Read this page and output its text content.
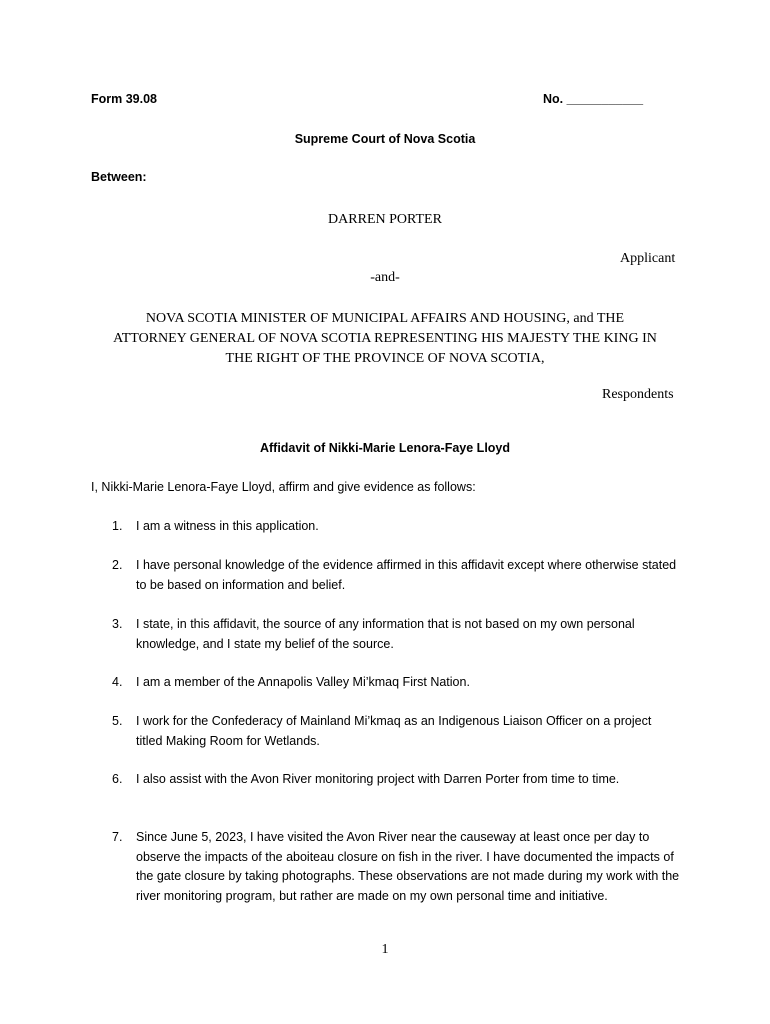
Form 39.08	No. ___________
Supreme Court of Nova Scotia
Between:
DARREN PORTER
Applicant
-and-
NOVA SCOTIA MINISTER OF MUNICIPAL AFFAIRS AND HOUSING, and THE
ATTORNEY GENERAL OF NOVA SCOTIA REPRESENTING HIS MAJESTY THE KING IN
THE RIGHT OF THE PROVINCE OF NOVA SCOTIA,
Respondents
Affidavit of Nikki-Marie Lenora-Faye Lloyd
I, Nikki-Marie Lenora-Faye Lloyd, affirm and give evidence as follows:
1.	I am a witness in this application.
2.	I have personal knowledge of the evidence affirmed in this affidavit except where otherwise stated to be based on information and belief.
3.	I state, in this affidavit, the source of any information that is not based on my own personal knowledge, and I state my belief of the source.
4.	I am a member of the Annapolis Valley Mi’kmaq First Nation.
5.	I work for the Confederacy of Mainland Mi’kmaq as an Indigenous Liaison Officer on a project titled Making Room for Wetlands.
6.	I also assist with the Avon River monitoring project with Darren Porter from time to time.
7.	Since June 5, 2023, I have visited the Avon River near the causeway at least once per day to observe the impacts of the aboiteau closure on fish in the river. I have documented the impacts of the gate closure by taking photographs. These observations are not made during my work with the river monitoring program, but rather are made on my own personal time and initiative.
1
